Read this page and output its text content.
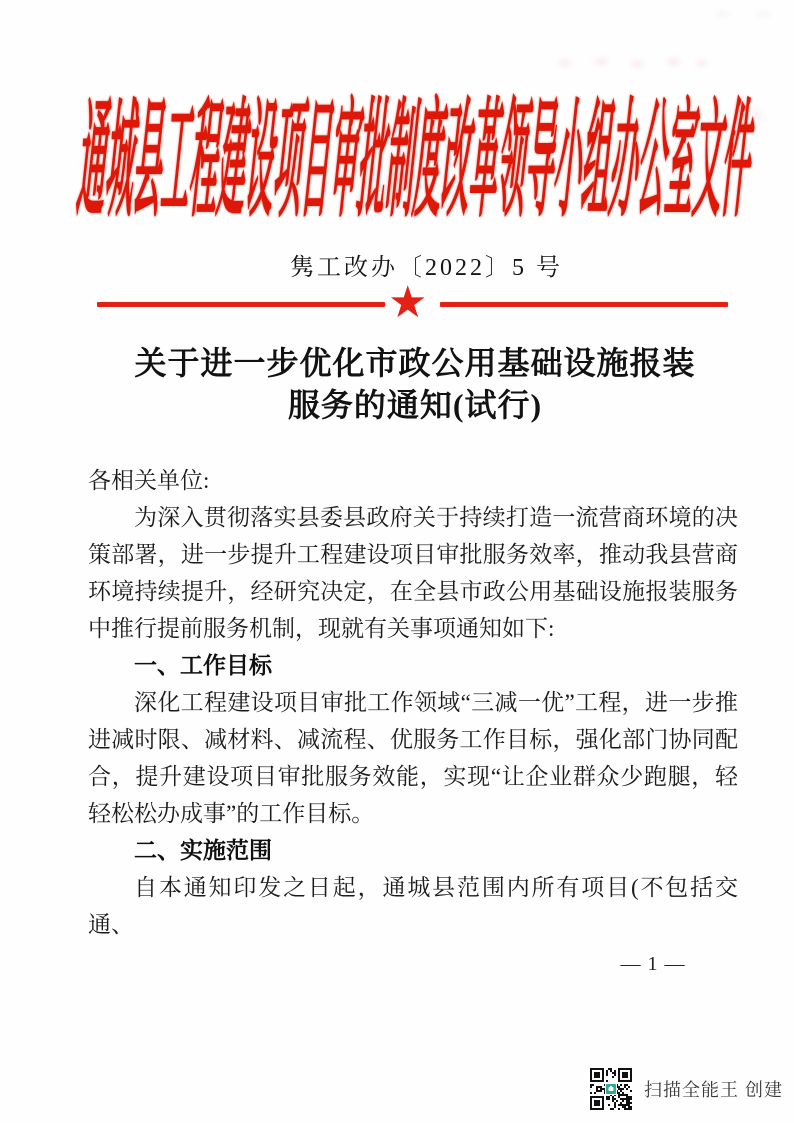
通城县工程建设项目审批制度改革领导小组办公室文件
隽工改办〔2022〕5 号
★
关于进一步优化市政公用基础设施报装
服务的通知(试行)
各相关单位:
为深入贯彻落实县委县政府关于持续打造一流营商环境的决策部署，进一步提升工程建设项目审批服务效率，推动我县营商环境持续提升，经研究决定，在全县市政公用基础设施报装服务中推行提前服务机制，现就有关事项通知如下:
一、工作目标
深化工程建设项目审批工作领域“三减一优”工程，进一步推进减时限、减材料、减流程、优服务工作目标，强化部门协同配合，提升建设项目审批服务效能，实现“让企业群众少跑腿，轻轻松松办成事”的工作目标。
二、实施范围
自本通知印发之日起，通城县范围内所有项目(不包括交通、
— 1 —
扫描全能王 创建
